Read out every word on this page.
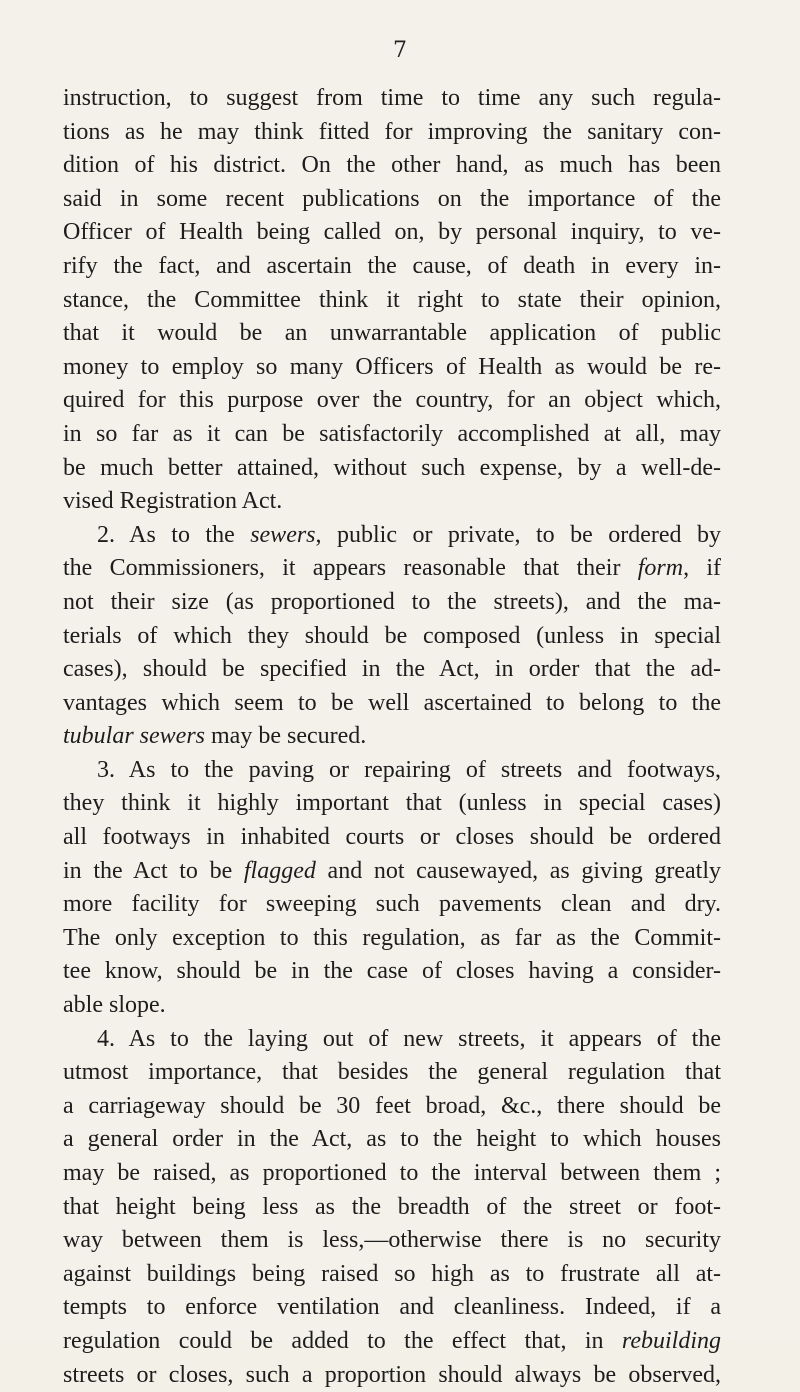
7
instruction, to suggest from time to time any such regula-
tions as he may think fitted for improving the sanitary con-
dition of his district. On the other hand, as much has been
said in some recent publications on the importance of the
Officer of Health being called on, by personal inquiry, to ve-
rify the fact, and ascertain the cause, of death in every in-
stance, the Committee think it right to state their opinion,
that it would be an unwarrantable application of public
money to employ so many Officers of Health as would be re-
quired for this purpose over the country, for an object which,
in so far as it can be satisfactorily accomplished at all, may
be much better attained, without such expense, by a well-de-
vised Registration Act.
2. As to the sewers, public or private, to be ordered by
the Commissioners, it appears reasonable that their form, if
not their size (as proportioned to the streets), and the ma-
terials of which they should be composed (unless in special
cases), should be specified in the Act, in order that the ad-
vantages which seem to be well ascertained to belong to the
tubular sewers may be secured.
3. As to the paving or repairing of streets and footways,
they think it highly important that (unless in special cases)
all footways in inhabited courts or closes should be ordered
in the Act to be flagged and not causewayed, as giving greatly
more facility for sweeping such pavements clean and dry.
The only exception to this regulation, as far as the Commit-
tee know, should be in the case of closes having a consider-
able slope.
4. As to the laying out of new streets, it appears of the
utmost importance, that besides the general regulation that
a carriageway should be 30 feet broad, &c., there should be
a general order in the Act, as to the height to which houses
may be raised, as proportioned to the interval between them ;
that height being less as the breadth of the street or foot-
way between them is less,—otherwise there is no security
against buildings being raised so high as to frustrate all at-
tempts to enforce ventilation and cleanliness. Indeed, if a
regulation could be added to the effect that, in rebuilding
streets or closes, such a proportion should always be observed,
